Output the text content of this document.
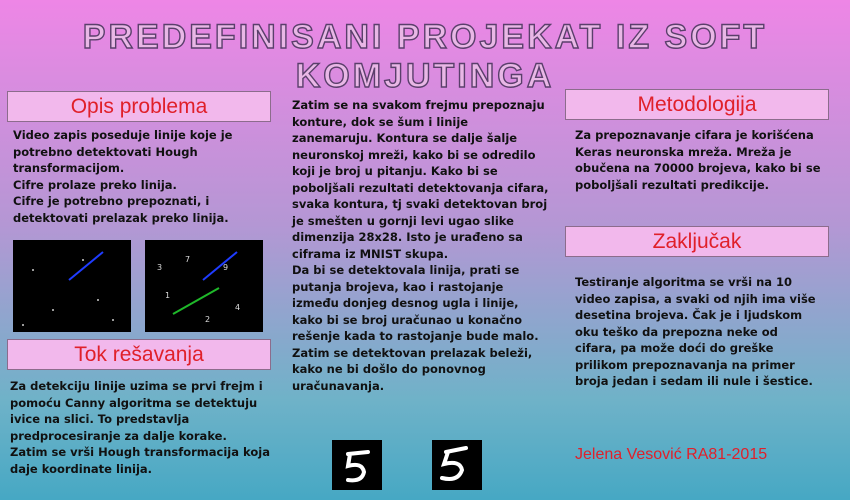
PREDEFINISANI PROJEKAT IZ SOFT KOMJUTINGA
Opis problema
Video zapis poseduje linije koje je potrebno detektovati Hough transformacijom.
Cifre prolaze preko linija.
Cifre je potrebno prepoznati, i detektovati prelazak preko linija.
3
7
1
4
9
2
Tok rešavanja
Za detekciju linije uzima se prvi frejm i pomoću Canny algoritma se detektuju ivice na slici. To predstavlja predprocesiranje za dalje korake.
Zatim se vrši Hough transformacija koja daje koordinate linija.
Zatim se na svakom frejmu prepoznaju konture, dok se šum i linije zanemaruju. Kontura se dalje šalje neuronskoj mreži, kako bi se odredilo koji je broj u pitanju. Kako bi se poboljšali rezultati detektovanja cifara, svaka kontura, tj svaki detektovan broj je smešten u gornji levi ugao slike dimenzija 28x28. Isto je urađeno sa ciframa iz MNIST skupa.
Da bi se detektovala linija, prati se putanja brojeva, kao i rastojanje između donjeg desnog ugla i linije, kako bi se broj uračunao u konačno rešenje kada to rastojanje bude malo. Zatim se detektovan prelazak beleži, kako ne bi došlo do ponovnog uračunavanja.
Metodologija
Za prepoznavanje cifara je korišćena Keras neuronska mreža. Mreža je obučena na 70000 brojeva, kako bi se poboljšali rezultati predikcije.
Zaključak
Testiranje algoritma se vrši na 10 video zapisa, a svaki od njih ima više desetina brojeva. Čak je i ljudskom oku teško da prepozna neke od cifara, pa može doći do greške prilikom prepoznavanja na primer broja jedan i sedam ili nule i šestice.
Jelena Vesović RA81-2015
